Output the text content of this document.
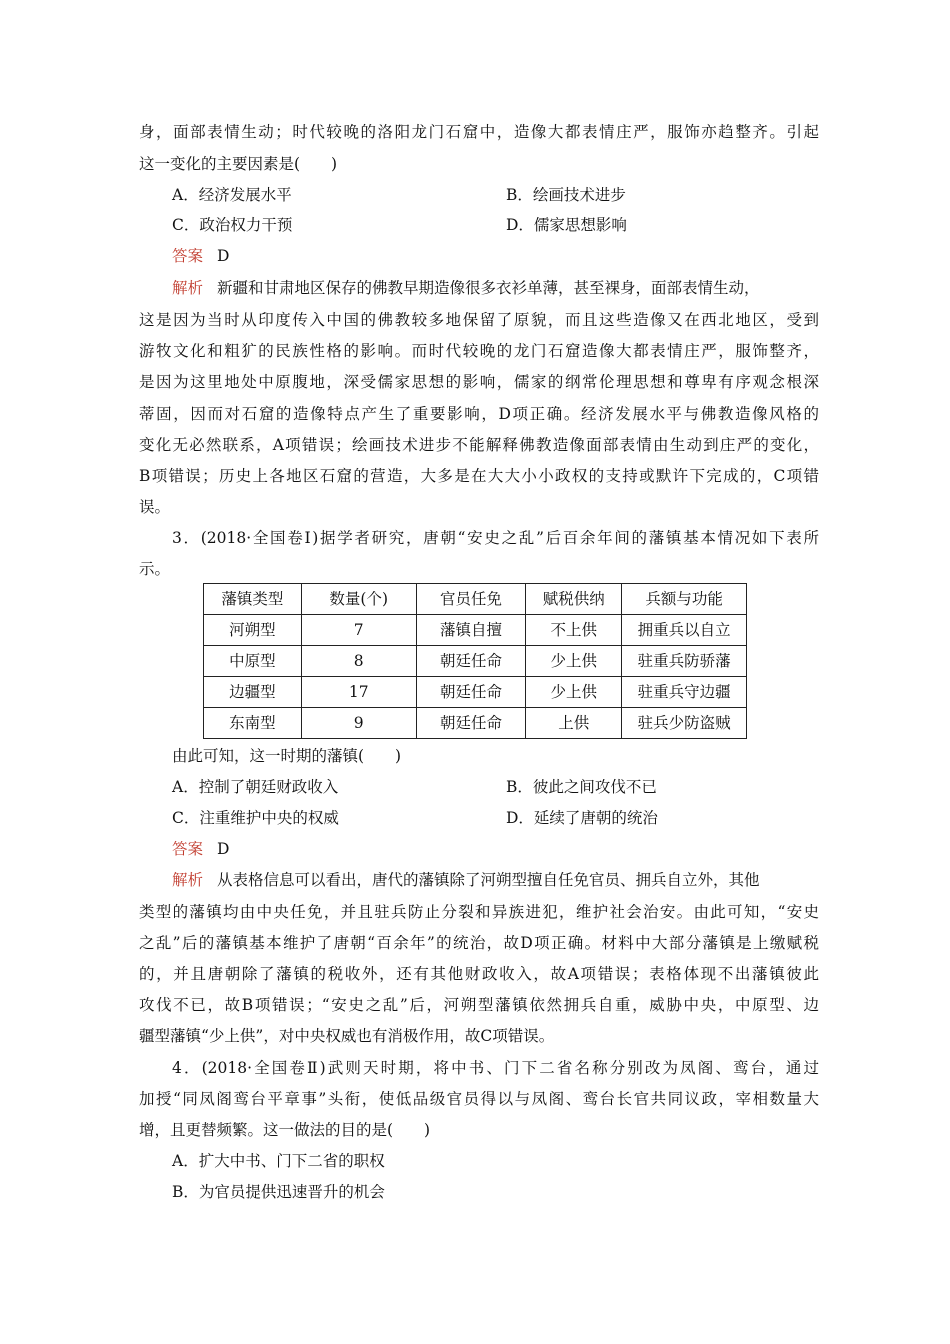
身，面部表情生动；时代较晚的洛阳龙门石窟中，造像大都表情庄严，服饰亦趋整齐。引起
这一变化的主要因素是(　　)
A．经济发展水平	B．绘画技术进步
C．政治权力干预	D．儒家思想影响
答案 D
解析 新疆和甘肃地区保存的佛教早期造像很多衣衫单薄，甚至裸身，面部表情生动，
这是因为当时从印度传入中国的佛教较多地保留了原貌，而且这些造像又在西北地区，受到
游牧文化和粗犷的民族性格的影响。而时代较晚的龙门石窟造像大都表情庄严，服饰整齐，
是因为这里地处中原腹地，深受儒家思想的影响，儒家的纲常伦理思想和尊卑有序观念根深
蒂固，因而对石窟的造像特点产生了重要影响，D项正确。经济发展水平与佛教造像风格的
变化无必然联系，A项错误；绘画技术进步不能解释佛教造像面部表情由生动到庄严的变化，
B项错误；历史上各地区石窟的营造，大多是在大大小小政权的支持或默许下完成的，C项错
误。
3．(2018·全国卷Ⅰ)据学者研究，唐朝“安史之乱”后百余年间的藩镇基本情况如下表所
示。
藩镇类型	数量(个)	官员任免	赋税供纳	兵额与功能
河朔型	7	藩镇自擅	不上供	拥重兵以自立
中原型	8	朝廷任命	少上供	驻重兵防骄藩
边疆型	17	朝廷任命	少上供	驻重兵守边疆
东南型	9	朝廷任命	上供	驻兵少防盗贼
由此可知，这一时期的藩镇(　　)
A．控制了朝廷财政收入	B．彼此之间攻伐不已
C．注重维护中央的权威	D．延续了唐朝的统治
答案 D
解析 从表格信息可以看出，唐代的藩镇除了河朔型擅自任免官员、拥兵自立外，其他
类型的藩镇均由中央任免，并且驻兵防止分裂和异族进犯，维护社会治安。由此可知，“安史
之乱”后的藩镇基本维护了唐朝“百余年”的统治，故D项正确。材料中大部分藩镇是上缴赋税
的，并且唐朝除了藩镇的税收外，还有其他财政收入，故A项错误；表格体现不出藩镇彼此
攻伐不已，故B项错误；“安史之乱”后，河朔型藩镇依然拥兵自重，威胁中央，中原型、边
疆型藩镇“少上供”，对中央权威也有消极作用，故C项错误。
4．(2018·全国卷Ⅱ)武则天时期，将中书、门下二省名称分别改为凤阁、鸾台，通过
加授“同凤阁鸾台平章事”头衔，使低品级官员得以与凤阁、鸾台长官共同议政，宰相数量大
增，且更替频繁。这一做法的目的是(　　)
A．扩大中书、门下二省的职权
B．为官员提供迅速晋升的机会
